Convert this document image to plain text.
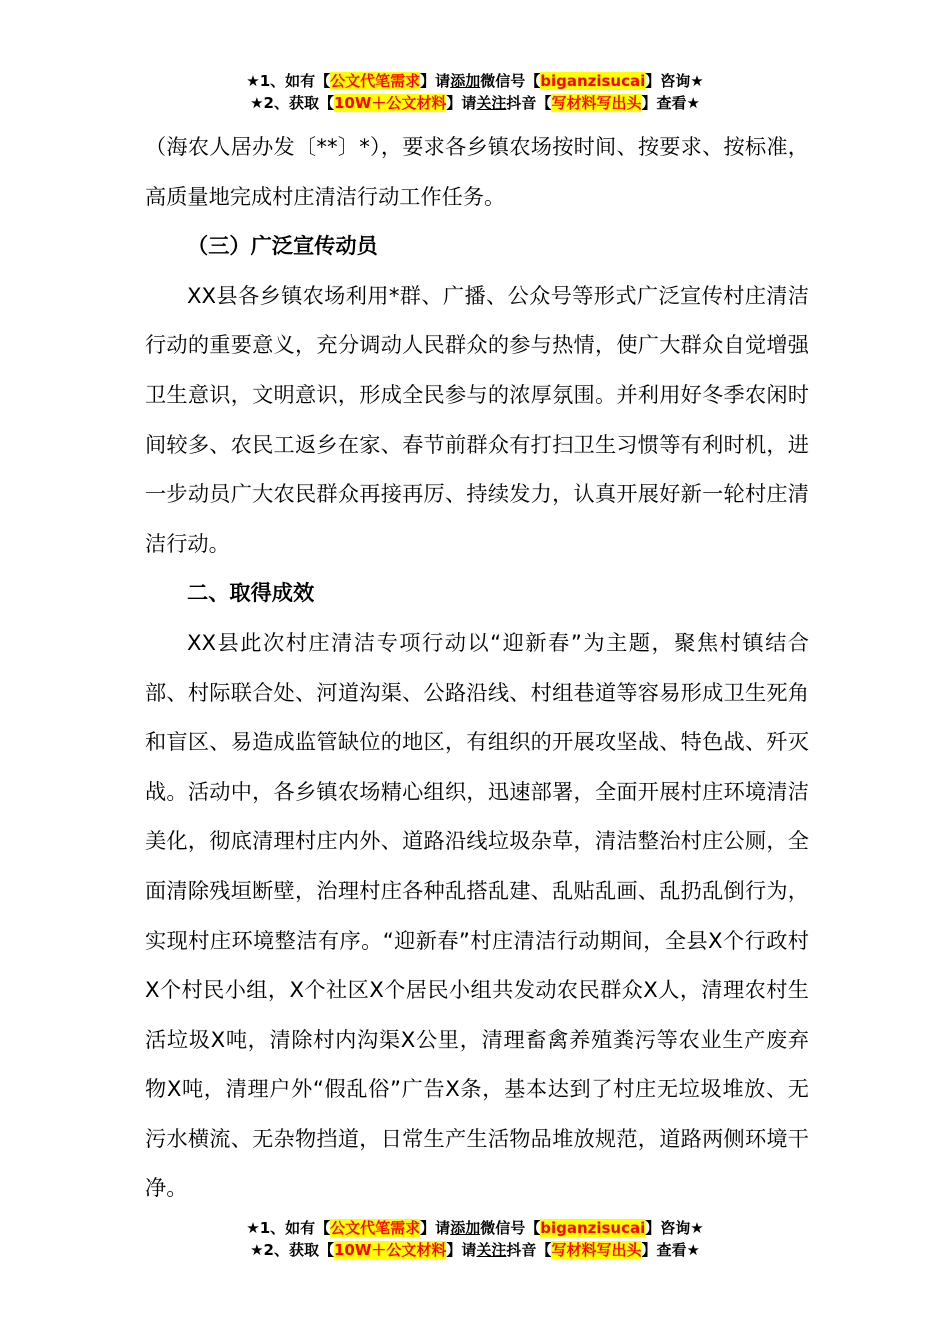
★1、如有【公文代笔需求】请添加微信号【biganzisucai】咨询★
★2、获取【10W＋公文材料】请关注抖音【写材料写出头】查看★

（海农人居办发〔**〕*），要求各乡镇农场按时间、按要求、按标准，高质量地完成村庄清洁行动工作任务。

（三）广泛宣传动员

XX县各乡镇农场利用*群、广播、公众号等形式广泛宣传村庄清洁行动的重要意义，充分调动人民群众的参与热情，使广大群众自觉增强卫生意识，文明意识，形成全民参与的浓厚氛围。并利用好冬季农闲时间较多、农民工返乡在家、春节前群众有打扫卫生习惯等有利时机，进一步动员广大农民群众再接再厉、持续发力，认真开展好新一轮村庄清洁行动。

二、取得成效

XX县此次村庄清洁专项行动以“迎新春”为主题，聚焦村镇结合部、村际联合处、河道沟渠、公路沿线、村组巷道等容易形成卫生死角和盲区、易造成监管缺位的地区，有组织的开展攻坚战、特色战、歼灭战。活动中，各乡镇农场精心组织，迅速部署，全面开展村庄环境清洁美化，彻底清理村庄内外、道路沿线垃圾杂草，清洁整治村庄公厕，全面清除残垣断壁，治理村庄各种乱搭乱建、乱贴乱画、乱扔乱倒行为，实现村庄环境整洁有序。“迎新春”村庄清洁行动期间，全县X个行政村X个村民小组，X个社区X个居民小组共发动农民群众X人，清理农村生活垃圾X吨，清除村内沟渠X公里，清理畜禽养殖粪污等农业生产废弃物X吨，清理户外“假乱俗”广告X条，基本达到了村庄无垃圾堆放、无污水横流、无杂物挡道，日常生产生活物品堆放规范，道路两侧环境干净。

★1、如有【公文代笔需求】请添加微信号【biganzisucai】咨询★
★2、获取【10W＋公文材料】请关注抖音【写材料写出头】查看★
